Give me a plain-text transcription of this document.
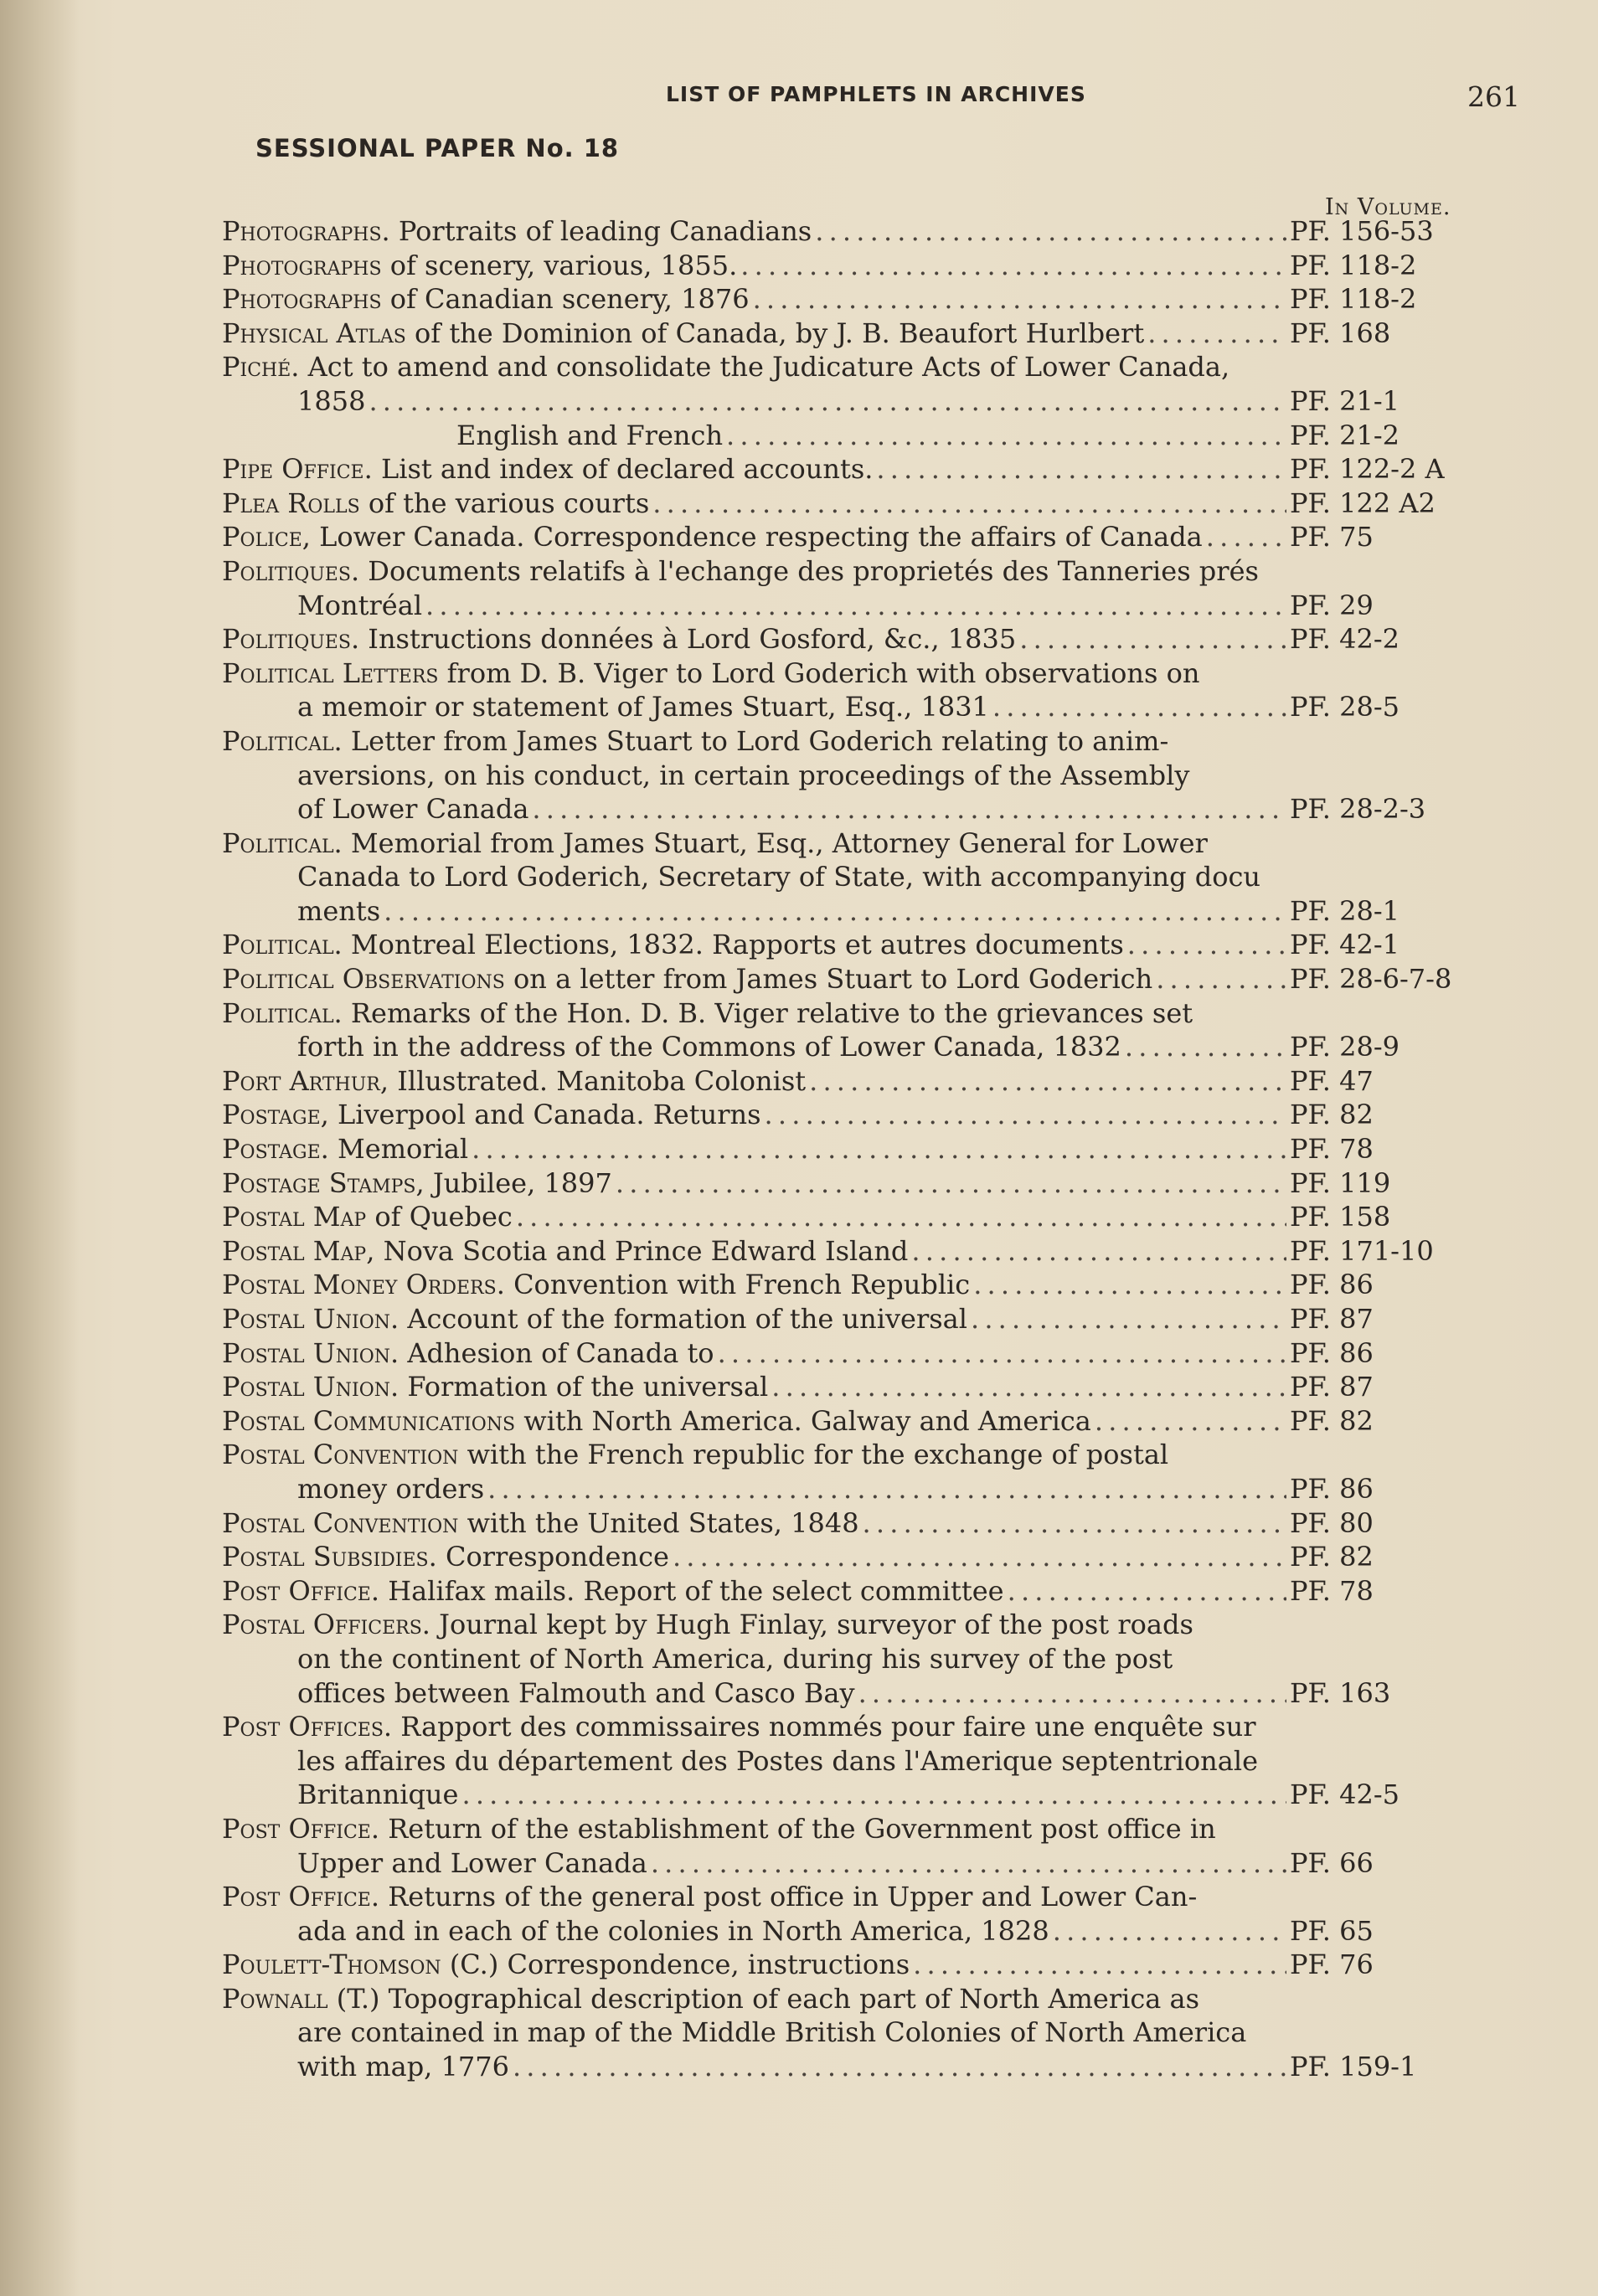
LIST OF PAMPHLETS IN ARCHIVES	261
SESSIONAL PAPER No. 18
In Volume.
Photographs. Portraits of leading Canadians . . .	PF. 156-53
Photographs of scenery, various, 1855. . . .	PF. 118-2
Photographs of Canadian scenery, 1876 . . .	PF. 118-2
Physical Atlas of the Dominion of Canada, by J. B. Beaufort Hurlbert . . .	PF. 168
Piché. Act to amend and consolidate the Judicature Acts of Lower Canada,
1858 . . .	PF. 21-1
English and French . . .	PF. 21-2
Pipe Office. List and index of declared accounts. . . .	PF. 122-2 A
Plea Rolls of the various courts . . .	PF. 122 A2
Police, Lower Canada. Correspondence respecting the affairs of Canada . . .	PF. 75
Politiques. Documents relatifs à l'echange des proprietés des Tanneries prés
Montréal . . .	PF. 29
Politiques. Instructions données à Lord Gosford, &c., 1835 . . .	PF. 42-2
Political Letters from D. B. Viger to Lord Goderich with observations on
a memoir or statement of James Stuart, Esq., 1831 . . .	PF. 28-5
Political. Letter from James Stuart to Lord Goderich relating to anim-
aversions, on his conduct, in certain proceedings of the Assembly
of Lower Canada . . .	PF. 28-2-3
Political. Memorial from James Stuart, Esq., Attorney General for Lower
Canada to Lord Goderich, Secretary of State, with accompanying docu
ments . . .	PF. 28-1
Political. Montreal Elections, 1832. Rapports et autres documents . . .	PF. 42-1
Political Observations on a letter from James Stuart to Lord Goderich . . .	PF. 28-6-7-8
Political. Remarks of the Hon. D. B. Viger relative to the grievances set
forth in the address of the Commons of Lower Canada, 1832 . . .	PF. 28-9
Port Arthur, Illustrated. Manitoba Colonist . . .	PF. 47
Postage, Liverpool and Canada. Returns . . .	PF. 82
Postage. Memorial . . .	PF. 78
Postage Stamps, Jubilee, 1897 . . .	PF. 119
Postal Map of Quebec . . .	PF. 158
Postal Map, Nova Scotia and Prince Edward Island . . .	PF. 171-10
Postal Money Orders. Convention with French Republic . . .	PF. 86
Postal Union. Account of the formation of the universal . . .	PF. 87
Postal Union. Adhesion of Canada to . . .	PF. 86
Postal Union. Formation of the universal . . .	PF. 87
Postal Communications with North America. Galway and America . . .	PF. 82
Postal Convention with the French republic for the exchange of postal
money orders . . .	PF. 86
Postal Convention with the United States, 1848 . . .	PF. 80
Postal Subsidies. Correspondence . . .	PF. 82
Post Office. Halifax mails. Report of the select committee . . .	PF. 78
Postal Officers. Journal kept by Hugh Finlay, surveyor of the post roads
on the continent of North America, during his survey of the post
offices between Falmouth and Casco Bay . . .	PF. 163
Post Offices. Rapport des commissaires nommés pour faire une enquête sur
les affaires du département des Postes dans l'Amerique septentrionale
Britannique . . .	PF. 42-5
Post Office. Return of the establishment of the Government post office in
Upper and Lower Canada . . .	PF. 66
Post Office. Returns of the general post office in Upper and Lower Can-
ada and in each of the colonies in North America, 1828 . . .	PF. 65
Poulett-Thomson (C.) Correspondence, instructions . . .	PF. 76
Pownall (T.) Topographical description of each part of North America as
are contained in map of the Middle British Colonies of North America
with map, 1776 . . .	PF. 159-1
